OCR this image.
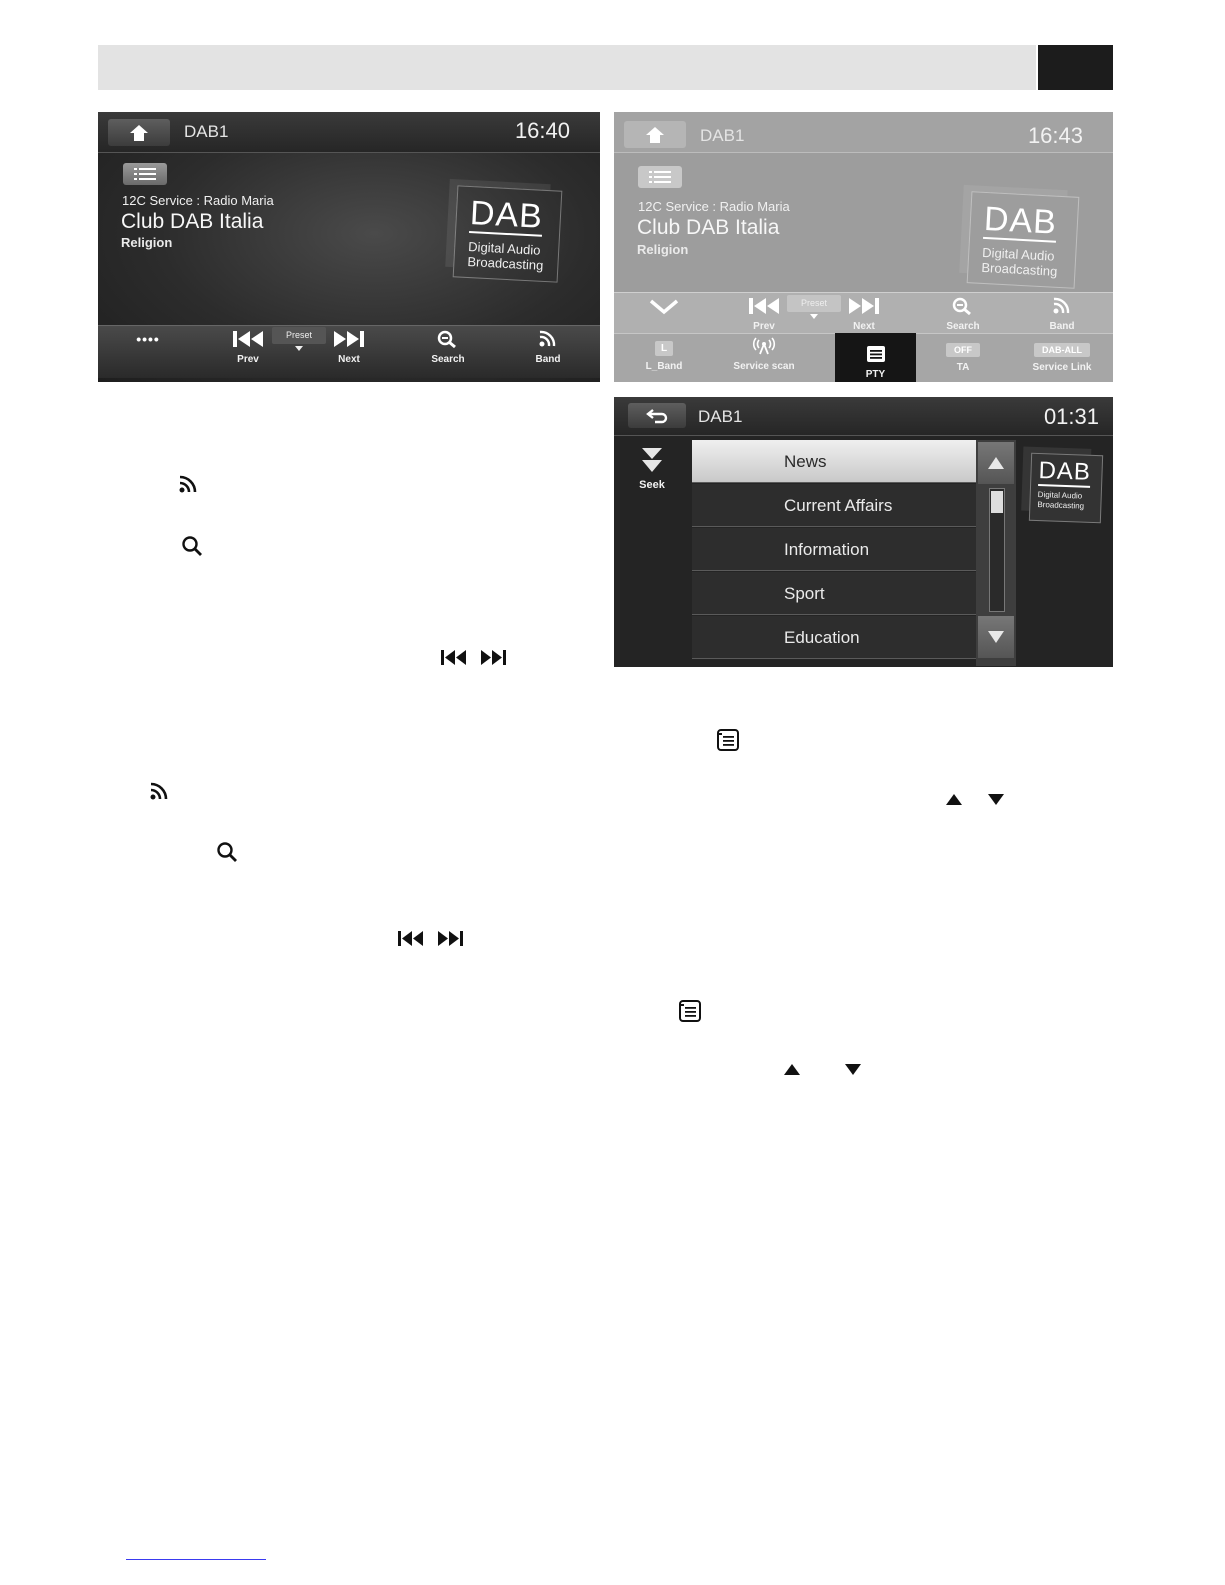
DAB1	16:40
12C Service : Radio Maria
Club DAB Italia
Religion
DAB
Digital Audio
Broadcasting
••••
Prev
Preset
Next	Search	Band
DAB1	16:43
12C Service : Radio Maria
Club DAB Italia
Religion
DAB
Digital Audio
Broadcasting
Prev
Preset
Next	Search	Band
L
L_Band	Service scan
PTY
OFF
TA
DAB-ALL
Service Link
DAB1	01:31
Seek
News
Current Affairs
Information
Sport
Education
DAB
Digital Audio
Broadcasting
